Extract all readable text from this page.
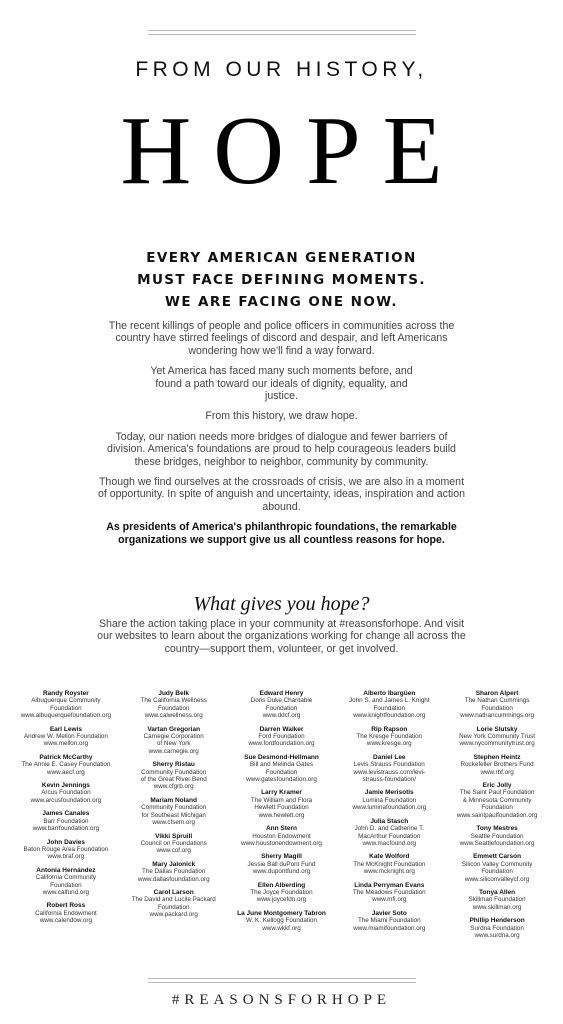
FROM OUR HISTORY,
HOPE
EVERY AMERICAN GENERATION
MUST FACE DEFINING MOMENTS.
WE ARE FACING ONE NOW.

The recent killings of people and police officers in communities across the country have stirred feelings of discord and despair, and left Americans wondering how we'll find a way forward.

Yet America has faced many such moments before, and found a path toward our ideals of dignity, equality, and justice.

From this history, we draw hope.

Today, our nation needs more bridges of dialogue and fewer barriers of division. America's foundations are proud to help courageous leaders build these bridges, neighbor to neighbor, community by community.

Though we find ourselves at the crossroads of crisis, we are also in a moment of opportunity. In spite of anguish and uncertainty, ideas, inspiration and action abound.

As presidents of America's philanthropic foundations, the remarkable organizations we support give us all countless reasons for hope.

What gives you hope?
Share the action taking place in your community at #reasonsforhope. And visit our websites to learn about the organizations working for change all across the country—support them, volunteer, or get involved.
Randy Royster
Albuquerque Community
Foundation
www.albuquerquefoundation.org
Earl Lewis
Andrew W. Mellon Foundation
www.mellon.org
Patrick McCarthy
The Annie E. Casey Foundation
www.aecf.org
Kevin Jennings
Arcus Foundation
www.arcusfoundation.org
James Canales
Barr Foundation
www.barrfoundation.org
John Davies
Baton Rouge Area Foundation
www.braf.org
Antonia Hernández
California Community
Foundation
www.calfund.org
Robert Ross
California Endowment
www.calendow.org
Judy Belk
The California Wellness
Foundation
www.calwellness.org
Vartan Gregorian
Carnegie Corporation
of New York
www.carnegie.org
Sherry Ristau
Community Foundation
of the Great River Bend
www.cfgrb.org
Mariam Noland
Community Foundation
for Southeast Michigan
www.cfsem.org
Vikki Spruill
Council on Foundations
www.cof.org
Mary Jalonick
The Dallas Foundation
www.dallasfoundation.org
Carol Larson
The David and Lucile Packard
Foundation
www.packard.org
Edward Henry
Doris Duke Charitable
Foundation
www.ddcf.org
Darren Walker
Ford Foundation
www.fordfoundation.org
Sue Desmond-Hellmann
Bill and Melinda Gates
Foundation
www.gatesfoundation.org
Larry Kramer
The William and Flora
Hewlett Foundation
www.hewlett.org
Ann Stern
Houston Endowment
www.houstonendowment.org
Sherry Magill
Jessie Ball duPont Fund
www.dupontfund.org
Ellen Alberding
The Joyce Foundation
www.joycefdn.org
La June Montgomery Tabron
W. K. Kellogg Foundation
www.wkkf.org
Alberto Ibargüen
John S. and James L. Knight
Foundation
www.knightfoundation.org
Rip Rapson
The Kresge Foundation
www.kresge.org
Daniel Lee
Levis Strauss Foundation
www.levistrauss.com/levi-
strauss-foundation/
Jamie Merisotis
Lumina Foundation
www.luminafoundation.org
Julia Stasch
John D. and Catherine T.
MacArthur Foundation
www.macfound.org
Kate Wolford
The McKnight Foundation
www.mcknight.org
Linda Perryman Evans
The Meadows Foundation
www.mfi.org
Javier Soto
The Miami Foundation
www.miamifoundation.org
Sharon Alpert
The Nathan Cummings
Foundation
www.nathancummings.org
Lorie Slutsky
New York Community Trust
www.nycommunitytrust.org
Stephen Heintz
Rockefeller Brothers Fund
www.rbf.org
Eric Jolly
The Saint Paul Foundation
& Minnesota Community
Foundation
www.saintpaulfoundation.org
Tony Mestres
Seattle Foundation
www.Seattlefoundation.org
Emmett Carson
Silicon Valley Community
Foundation
www.siliconvalleycf.org
Tonya Allen
Skillman Foundation
www.skillman.org
Phillip Henderson
Surdna Foundation
www.surdna.org
#REASONSFORHOPE
